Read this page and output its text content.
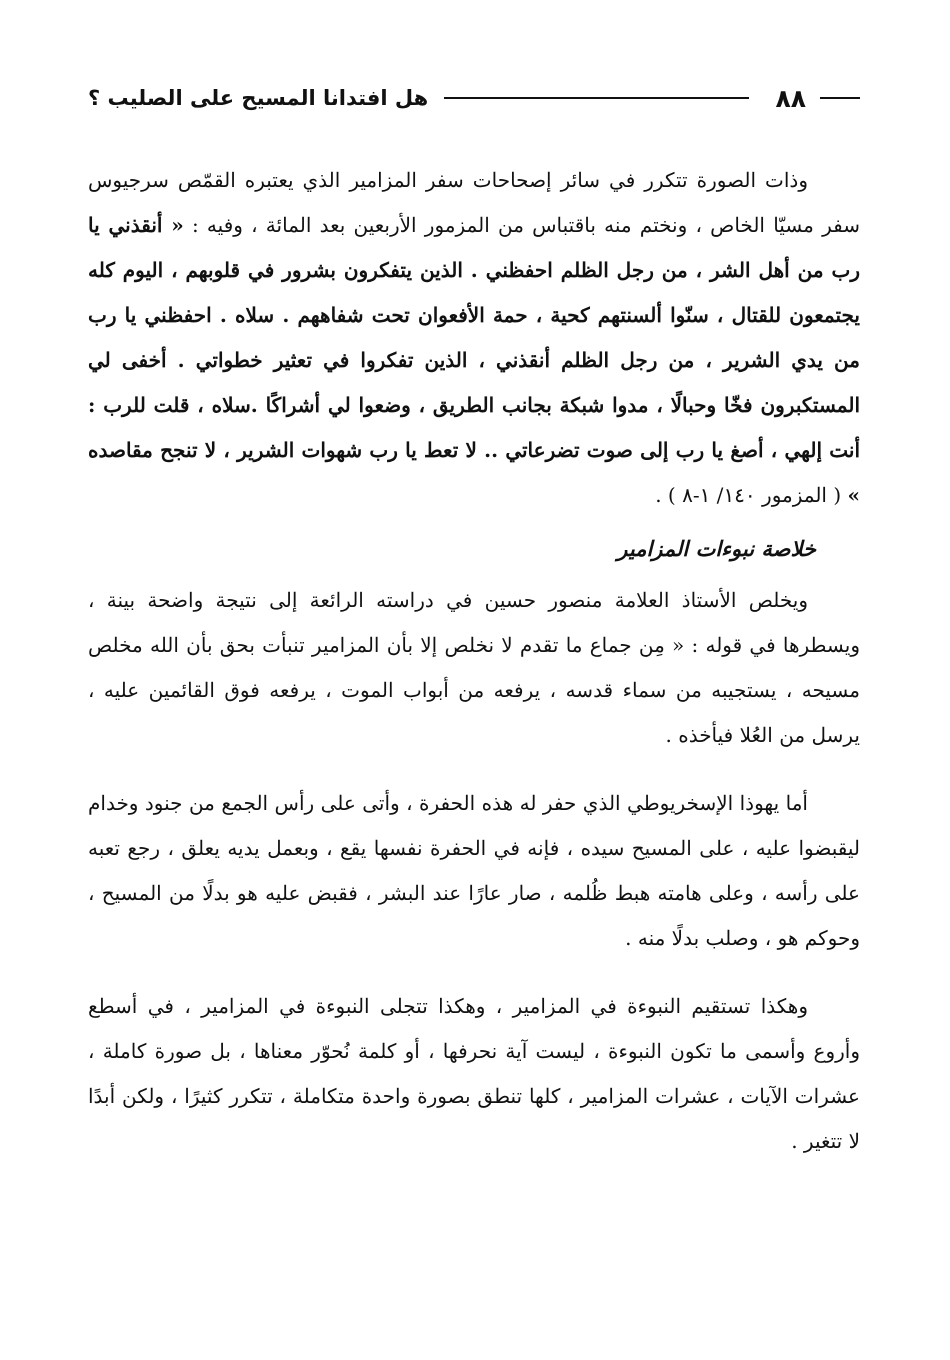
٨٨
هل افتدانا المسيح على الصليب ؟

وذات الصورة تتكرر في سائر إصحاحات سفر المزامير الذي يعتبره القمّص سرجيوس سفر مسيّا الخاص ، ونختم منه باقتباس من المزمور الأربعين بعد المائة ، وفيه : « أنقذني يا رب من أهل الشر ، من رجل الظلم احفظني . الذين يتفكرون بشرور في قلوبهم ، اليوم كله يجتمعون للقتال ، سنّوا ألسنتهم كحية ، حمة الأفعوان تحت شفاههم . سلاه . احفظني يا رب من يدي الشرير ، من رجل الظلم أنقذني ، الذين تفكروا في تعثير خطواتي . أخفى لي المستكبرون فخّا وحبالًا ، مدوا شبكة بجانب الطريق ، وضعوا لي أشراكًا .سلاه ، قلت للرب : أنت إلهي ، أصغ يا رب إلى صوت تضرعاتي .. لا تعط يا رب شهوات الشرير ، لا تنجح مقاصده » ( المزمور ١٤٠/ ١-٨ ) .

خلاصة نبوءات المزامير

ويخلص الأستاذ العلامة منصور حسين في دراسته الرائعة إلى نتيجة واضحة بينة ، ويسطرها في قوله : « مِن جماع ما تقدم لا نخلص إلا بأن المزامير تنبأت بحق بأن الله مخلص مسيحه ، يستجيبه من سماء قدسه ، يرفعه من أبواب الموت ، يرفعه فوق القائمين عليه ، يرسل من العُلا فيأخذه .

أما يهوذا الإسخريوطي الذي حفر له هذه الحفرة ، وأتى على رأس الجمع من جنود وخدام ليقبضوا عليه ، على المسيح سيده ، فإنه في الحفرة نفسها يقع ، وبعمل يديه يعلق ، رجع تعبه على رأسه ، وعلى هامته هبط ظُلمه ، صار عارًا عند البشر ، فقبض عليه هو بدلًا من المسيح ، وحوكم هو ، وصلب بدلًا منه .

وهكذا تستقيم النبوءة في المزامير ، وهكذا تتجلى النبوءة في المزامير ، في أسطع وأروع وأسمى ما تكون النبوءة ، ليست آية نحرفها ، أو كلمة نُحوّر معناها ، بل صورة كاملة ، عشرات الآيات ، عشرات المزامير ، كلها تنطق بصورة واحدة متكاملة ، تتكرر كثيرًا ، ولكن أبدًا لا تتغير .
